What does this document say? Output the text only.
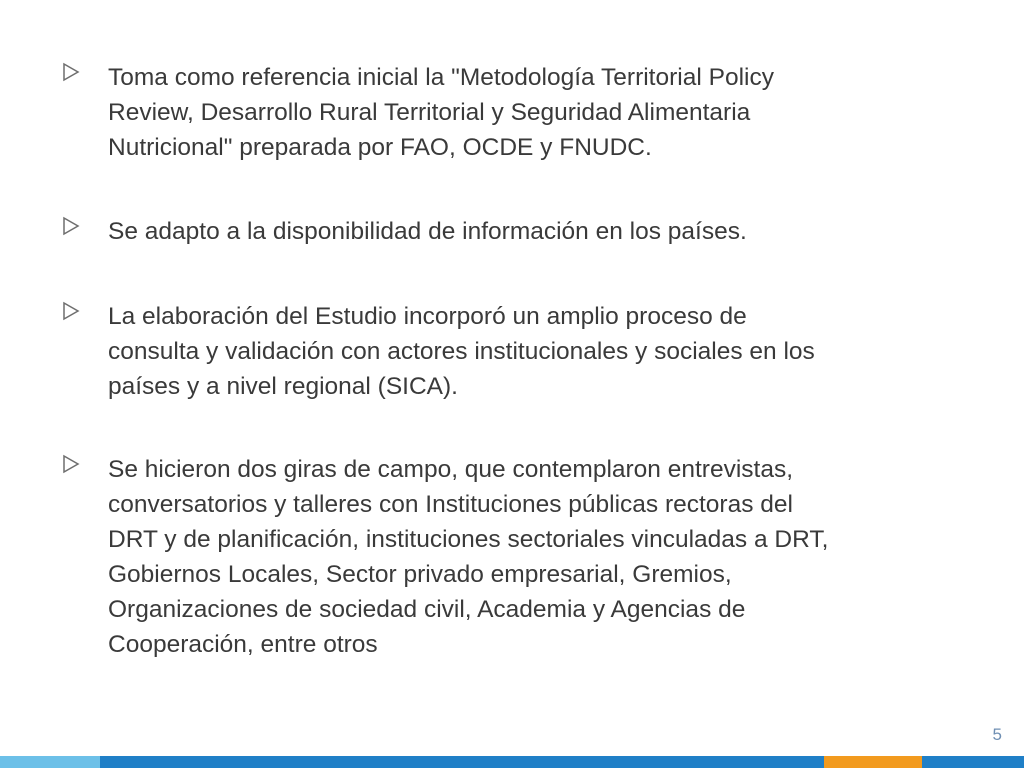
Toma como referencia inicial la "Metodología Territorial Policy
Review, Desarrollo Rural Territorial y Seguridad Alimentaria
Nutricional" preparada por FAO, OCDE y FNUDC.
Se adapto a la disponibilidad de información en los países.
La elaboración del Estudio incorporó un amplio proceso de
consulta y validación con actores institucionales y sociales en los
países y a nivel regional (SICA).
Se hicieron dos giras de campo, que contemplaron entrevistas,
conversatorios y talleres con Instituciones públicas rectoras del
DRT y de planificación, instituciones sectoriales vinculadas a DRT,
Gobiernos Locales, Sector privado empresarial, Gremios,
Organizaciones de sociedad civil, Academia y Agencias de
Cooperación, entre otros
5
